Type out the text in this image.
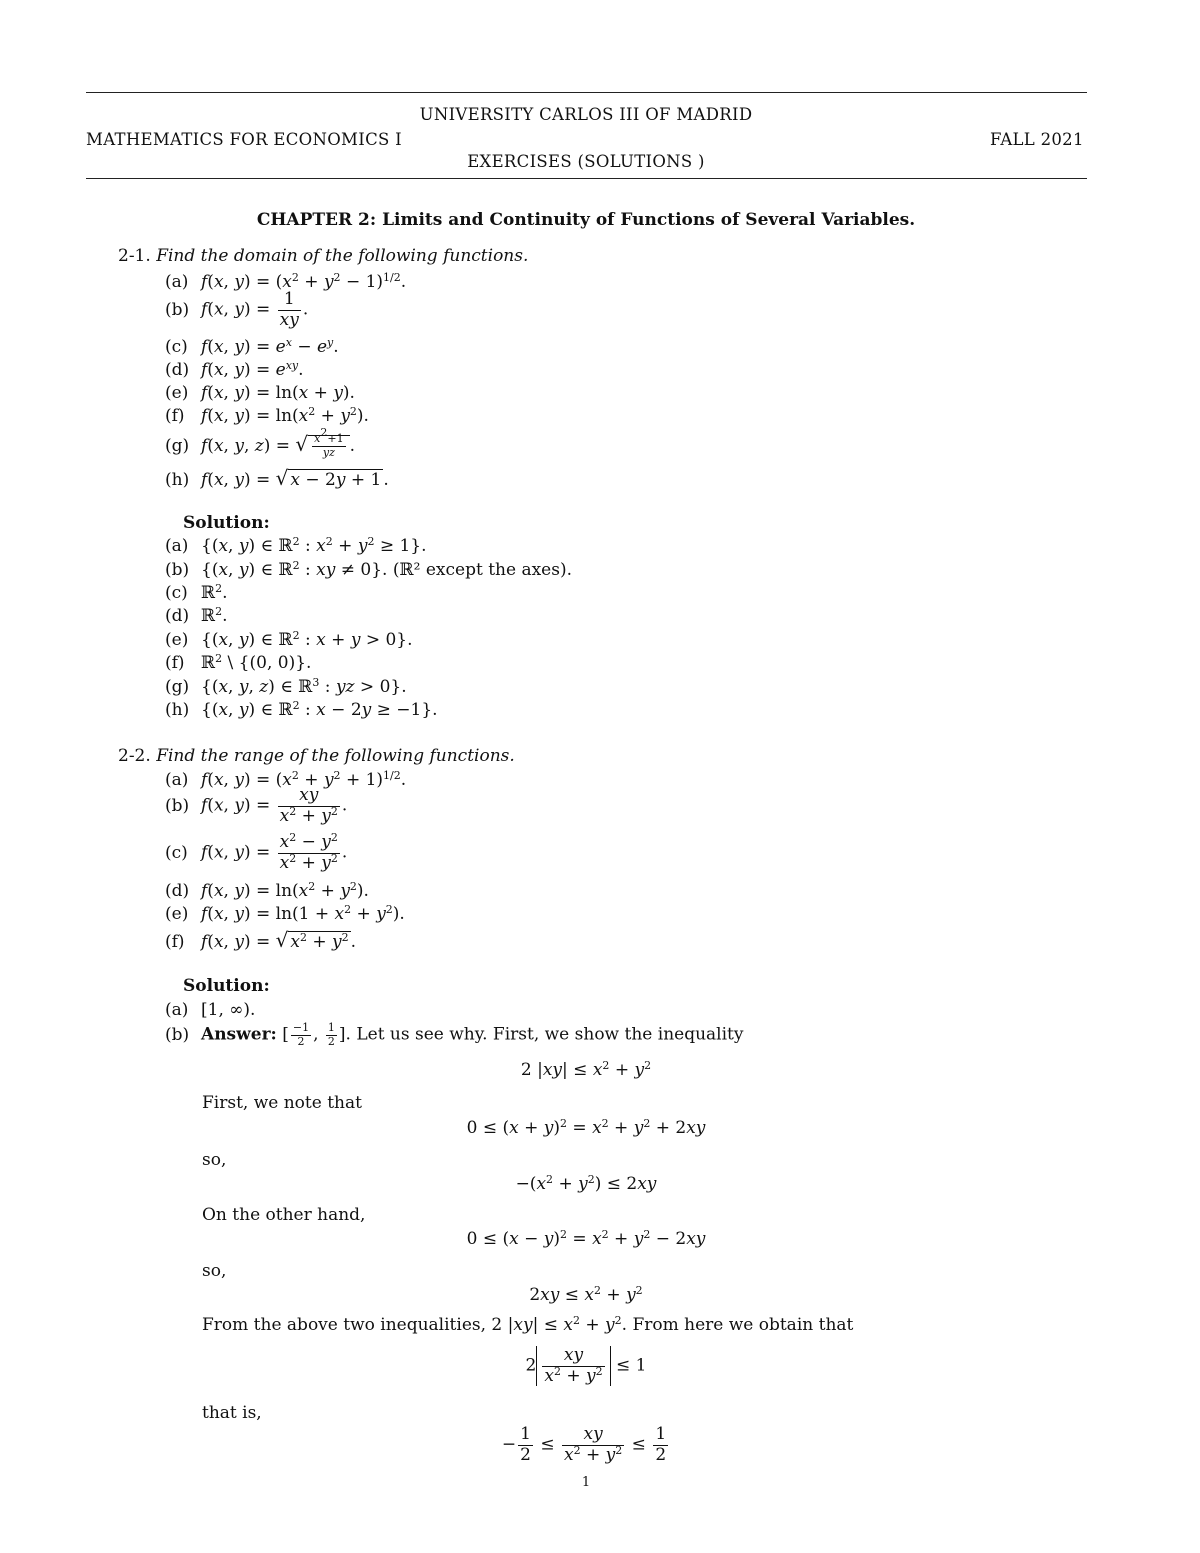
UNIVERSITY CARLOS III OF MADRID
MATHEMATICS FOR ECONOMICS I	FALL 2021
EXERCISES (SOLUTIONS )
CHAPTER 2: Limits and Continuity of Functions of Several Variables.
2-1. Find the domain of the following functions.
(a) f(x, $y) = (x^2 + y^2 - 1)^{1/2}$.
(b) f(x, $y) = \frac{1}{xy}$ .
(c) f(x, $y) = e^x - e^y$.
(d) f(x, $y) = e^{xy}$.
(e) f(x, y) = ln(x + y).
(f) f(x, $y) = \ln(x^2 + y^2)$.
(g) f(x, y, z) = √ $\frac{x^2+1}{yz}$ .
(h) f(x, y) = √ x − 2y + 1 .
Solution:
(a) {(x, y) ∈ ℝ$^2$ : $x^2 + y^2 \ge 1$}.
(b) {(x, y) ∈ ℝ$^2$ : xy ≠ 0}. (ℝ² except the axes).
(c) ℝ$^2$.
(d) ℝ$^2$.
(e) {(x, y) ∈ ℝ$^2$ : x + y > 0}.
(f) ℝ$^2$ \ {(0, 0)}.
(g) {(x, y, z) ∈ ℝ$^3$ : yz > 0}.
(h) {(x, y) ∈ ℝ$^2$ : x − 2y ≥ −1}.
2-2. Find the range of the following functions.
(a) f(x, $y) = (x^2 + y^2 + 1)^{1/2}$.
(b) f(x, $y) = \frac{xy}{x^2 + y^2}$ .
(c) f(x, $y) = \frac{x^2 - y^2}{x^2 + y^2}$ .
(d) f(x, $y) = \ln(x^2 + y^2)$.
(e) f(x, $y) = \ln(1 + x^2 + y^2)$.
(f) f(x, y) = √ $x^2 + y^2$ .
Solution:
(a) [1, ∞).
(b) Answer: [ $\frac{-1}{2}$ , $\frac{1}{2}$ ]. Let us see why. First, we show the inequality
2 $|xy| \le x^2 + y^2$
First, we note that
$0 \le (x + y)^2 = x^2 + y^2 + 2xy$
so,
$-(x^2 + y^2) \le 2xy$
On the other hand,
$0 \le (x - y)^2 = x^2 + y^2 - 2xy$
so,
$2xy \le x^2 + y^2$
From the above two inequalities, 2 $|xy| \le x^2 + y^2$. From here we obtain that
$2 \frac{xy}{x^2 + y^2} \le 1$
that is,
− $\frac{1}{2} \le \frac{xy}{x^2 + y^2} \le \frac{1}{2}$
1
